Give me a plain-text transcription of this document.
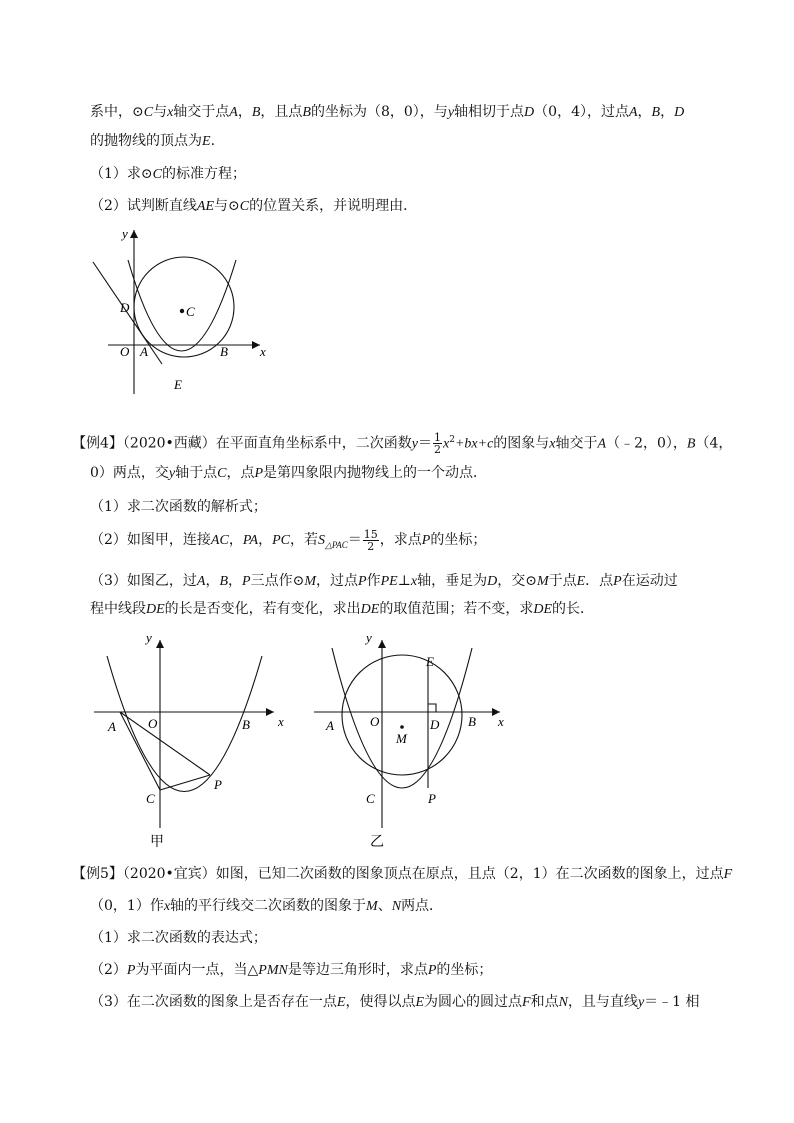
系中，⊙C与x轴交于点A，B，且点B的坐标为（8，0），与y轴相切于点D（0，4），过点A，B，D
的抛物线的顶点为E.
（1）求⊙C的标准方程；
（2）试判断直线AE与⊙C的位置关系，并说明理由．
y
x
O A	B
C
D
E
【例4】（2020•西藏）在平面直角坐标系中，二次函数$y= \frac{1}{2} x^2+bx+c$的图象与x轴交于A（﹣2，0），B（4，
0）两点，交y轴于点C，点P是第四象限内抛物线上的一个动点．
（1）求二次函数的解析式；
（2）如图甲，连接AC，PA，PC，若$S_{\triangle PAC}= \frac{15}{2}$ ，求点P的坐标；
（3）如图乙，过A，B，P三点作⊙M，过点P作PE⊥x轴，垂足为D，交⊙M于点E．点P在运动过
程中线段DE的长是否变化，若有变化，求出DE的取值范围；若不变，求DE的长．
y
x
O
A	B
C
P
甲
y
x
O
A	B
C	P
D
E
M
乙
【例5】（2020•宜宾）如图，已知二次函数的图象顶点在原点，且点（2，1）在二次函数的图象上，过点F
（0，1）作x轴的平行线交二次函数的图象于M、N两点．
（1）求二次函数的表达式；
（2）P为平面内一点，当△PMN是等边三角形时，求点P的坐标；
（3）在二次函数的图象上是否存在一点E，使得以点E为圆心的圆过点F和点N，且与直线y＝﹣1 相
